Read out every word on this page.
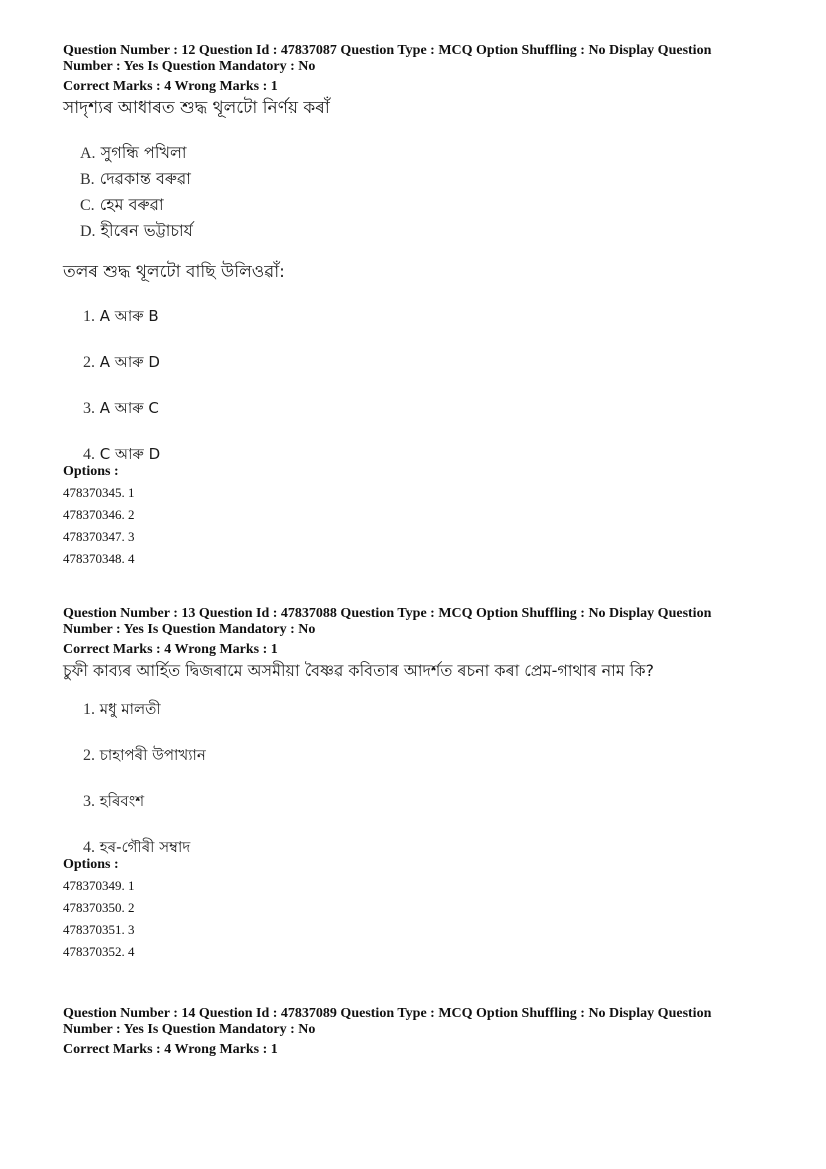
Question Number : 12 Question Id : 47837087 Question Type : MCQ Option Shuffling : No Display Question

Number : Yes Is Question Mandatory : No

Correct Marks : 4 Wrong Marks : 1

সাদৃশ্যৰ আধাৰত শুদ্ধ থূলটো নিৰ্ণয় কৰাঁ

A. সুগন্ধি পখিলা
B. দেৱকান্ত বৰুৱা
C. হেম বৰুৱা
D. হীৰেন ভট্টাচাৰ্য

তলৰ শুদ্ধ থূলটো বাছি উলিওৱাঁ:

1. A আৰু B
2. A আৰু D
3. A আৰু C
4. C আৰু D

Options :

478370345. 1
478370346. 2
478370347. 3
478370348. 4

Question Number : 13 Question Id : 47837088 Question Type : MCQ Option Shuffling : No Display Question

Number : Yes Is Question Mandatory : No

Correct Marks : 4 Wrong Marks : 1

চুফী কাব্যৰ আৰ্হিত দ্বিজৰামে অসমীয়া বৈষ্ণৱ কবিতাৰ আদৰ্শত ৰচনা কৰা প্ৰেম-গাথাৰ নাম কি?

1. মধু মালতী
2. চাহাপৰী উপাখ্যান
3. হৰিবংশ
4. হৰ-গৌৰী সম্বাদ

Options :

478370349. 1
478370350. 2
478370351. 3
478370352. 4

Question Number : 14 Question Id : 47837089 Question Type : MCQ Option Shuffling : No Display Question

Number : Yes Is Question Mandatory : No

Correct Marks : 4 Wrong Marks : 1
